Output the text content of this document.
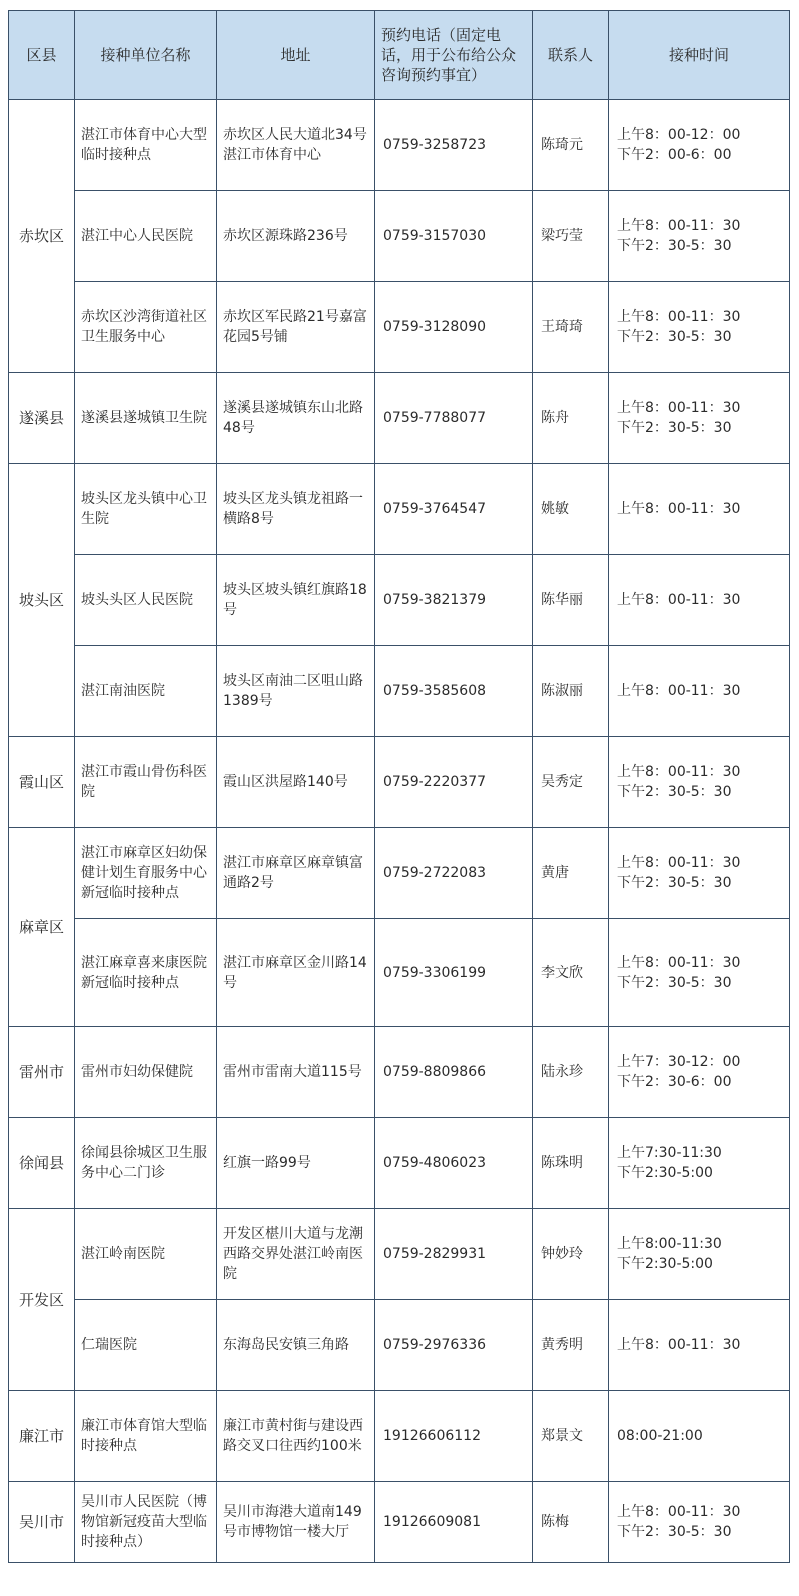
区县	接种单位名称	地址	预约电话（固定电话，用于公布给公众咨询预约事宜）	联系人	接种时间
赤坎区	湛江市体育中心大型临时接种点	赤坎区人民大道北34号湛江市体育中心	0759-3258723	陈琦元	上午8：00-12：00
下午2：00-6：00

	湛江中心人民医院	赤坎区源珠路236号	0759-3157030	梁巧莹	上午8：00-11：30
下午2：30-5：30

	赤坎区沙湾街道社区卫生服务中心	赤坎区军民路21号嘉富花园5号铺	0759-3128090	王琦琦	上午8：00-11：30
下午2：30-5：30

遂溪县	遂溪县遂城镇卫生院	遂溪县遂城镇东山北路48号	0759-7788077	陈舟	上午8：00-11：30
下午2：30-5：30

坡头区	坡头区龙头镇中心卫生院	坡头区龙头镇龙祖路一横路8号	0759-3764547	姚敏	上午8：00-11：30

	坡头头区人民医院	坡头区坡头镇红旗路18号	0759-3821379	陈华丽	上午8：00-11：30

	湛江南油医院	坡头区南油二区咀山路1389号	0759-3585608	陈淑丽	上午8：00-11：30

霞山区	湛江市霞山骨伤科医院	霞山区洪屋路140号	0759-2220377	吴秀定	上午8：00-11：30
下午2：30-5：30

麻章区	湛江市麻章区妇幼保健计划生育服务中心新冠临时接种点	湛江市麻章区麻章镇富通路2号	0759-2722083	黄唐	上午8：00-11：30
下午2：30-5：30

	湛江麻章喜来康医院新冠临时接种点	湛江市麻章区金川路14号	0759-3306199	李文欣	上午8：00-11：30
下午2：30-5：30

雷州市	雷州市妇幼保健院	雷州市雷南大道115号	0759-8809866	陆永珍	上午7：30-12：00
下午2：30-6：00

徐闻县	徐闻县徐城区卫生服务中心二门诊	红旗一路99号	0759-4806023	陈珠明	上午7:30-11:30
下午2:30-5:00

开发区	湛江岭南医院	开发区椹川大道与龙潮西路交界处湛江岭南医院	0759-2829931	钟妙玲	上午8:00-11:30
下午2:30-5:00

	仁瑞医院	东海岛民安镇三角路	0759-2976336	黄秀明	上午8：00-11：30

廉江市	廉江市体育馆大型临时接种点	廉江市黄村街与建设西路交叉口往西约100米	19126606112	郑景文	08:00-21:00

吴川市	吴川市人民医院（博物馆新冠疫苗大型临时接种点）	吴川市海港大道南149号市博物馆一楼大厅	19126609081	陈梅	上午8：00-11：30
下午2：30-5：30
